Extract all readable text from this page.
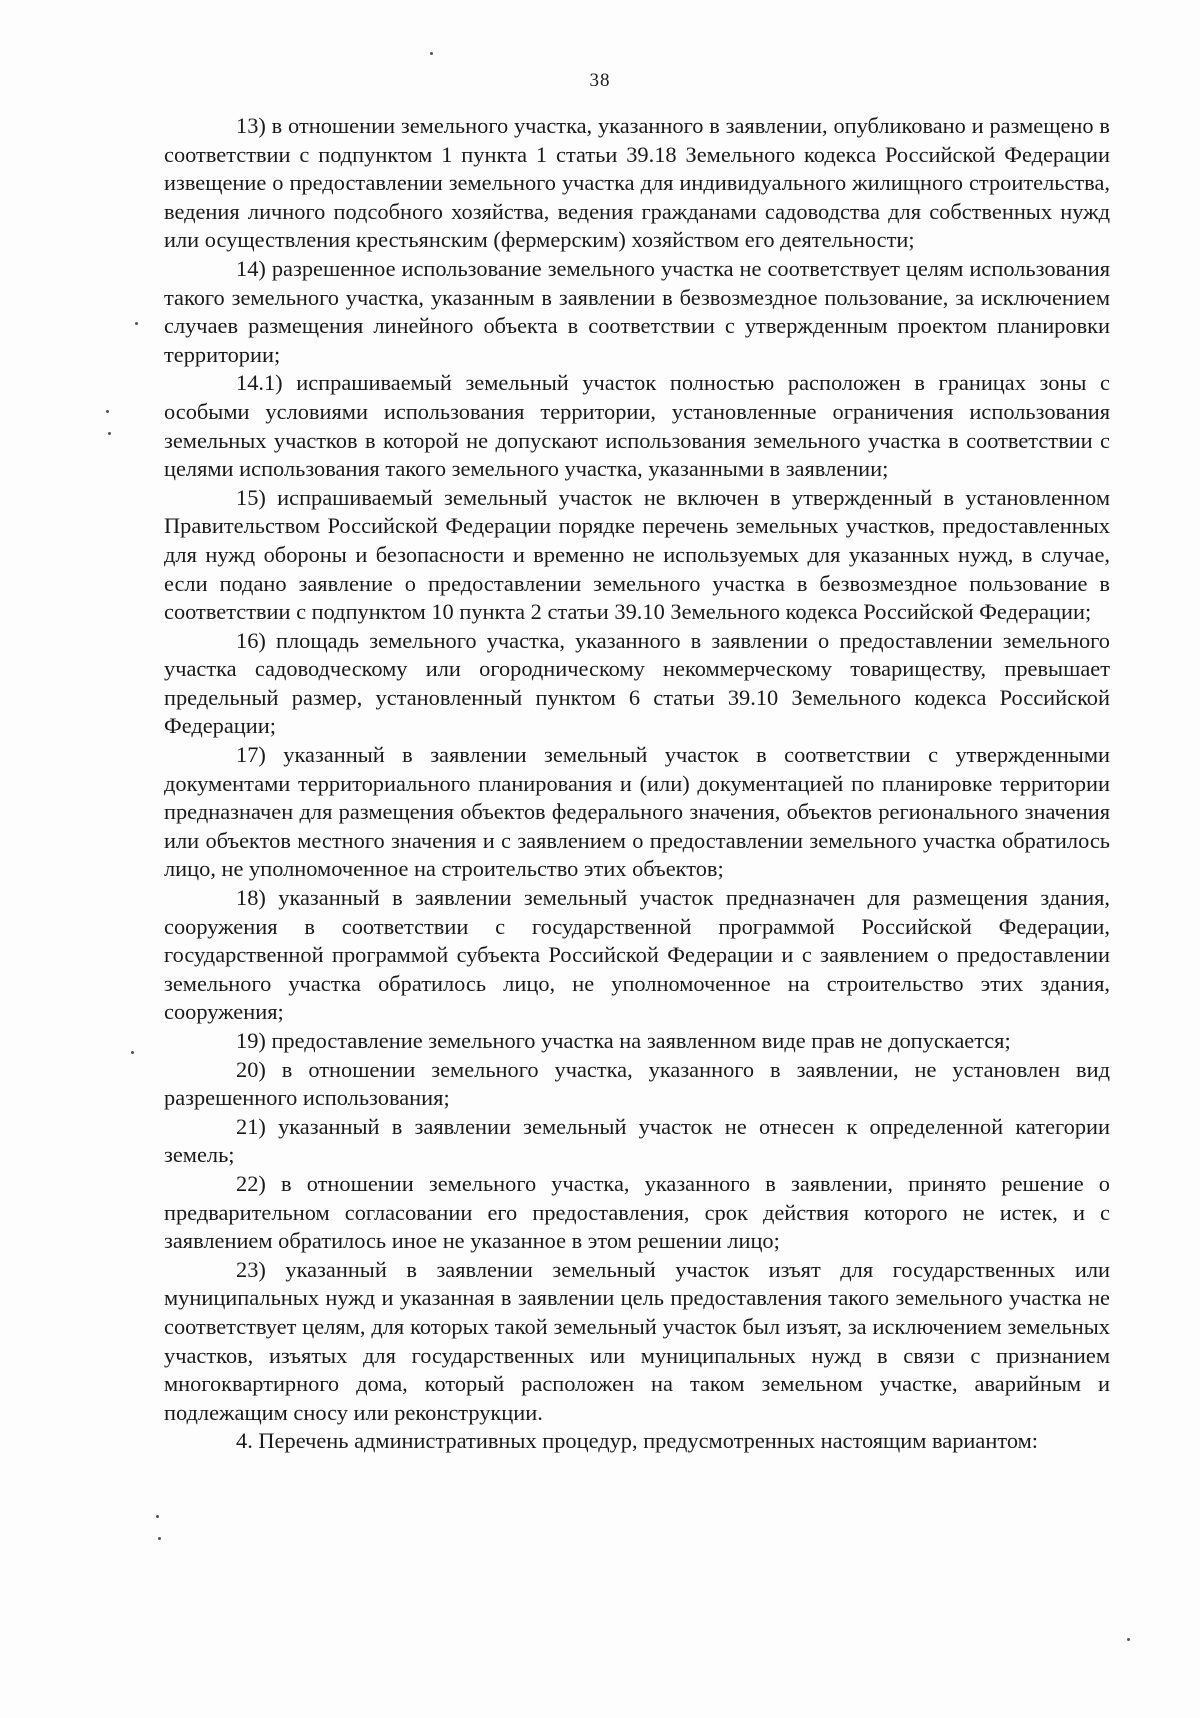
38

13) в отношении земельного участка, указанного в заявлении, опубликовано и размещено в соответствии с подпунктом 1 пункта 1 статьи 39.18 Земельного кодекса Российской Федерации извещение о предоставлении земельного участка для индивидуального жилищного строительства, ведения личного подсобного хозяйства, ведения гражданами садоводства для собственных нужд или осуществления крестьянским (фермерским) хозяйством его деятельности;

14) разрешенное использование земельного участка не соответствует целям использования такого земельного участка, указанным в заявлении в безвозмездное пользование, за исключением случаев размещения линейного объекта в соответствии с утвержденным проектом планировки территории;

14.1) испрашиваемый земельный участок полностью расположен в границах зоны с особыми условиями использования территории, установленные ограничения использования земельных участков в которой не допускают использования земельного участка в соответствии с целями использования такого земельного участка, указанными в заявлении;

15) испрашиваемый земельный участок не включен в утвержденный в установленном Правительством Российской Федерации порядке перечень земельных участков, предоставленных для нужд обороны и безопасности и временно не используемых для указанных нужд, в случае, если подано заявление о предоставлении земельного участка в безвозмездное пользование в соответствии с подпунктом 10 пункта 2 статьи 39.10 Земельного кодекса Российской Федерации;

16) площадь земельного участка, указанного в заявлении о предоставлении земельного участка садоводческому или огородническому некоммерческому товариществу, превышает предельный размер, установленный пунктом 6 статьи 39.10 Земельного кодекса Российской Федерации;

17) указанный в заявлении земельный участок в соответствии с утвержденными документами территориального планирования и (или) документацией по планировке территории предназначен для размещения объектов федерального значения, объектов регионального значения или объектов местного значения и с заявлением о предоставлении земельного участка обратилось лицо, не уполномоченное на строительство этих объектов;

18) указанный в заявлении земельный участок предназначен для размещения здания, сооружения в соответствии с государственной программой Российской Федерации, государственной программой субъекта Российской Федерации и с заявлением о предоставлении земельного участка обратилось лицо, не уполномоченное на строительство этих здания, сооружения;

19) предоставление земельного участка на заявленном виде прав не допускается;

20) в отношении земельного участка, указанного в заявлении, не установлен вид разрешенного использования;

21) указанный в заявлении земельный участок не отнесен к определенной категории земель;

22) в отношении земельного участка, указанного в заявлении, принято решение о предварительном согласовании его предоставления, срок действия которого не истек, и с заявлением обратилось иное не указанное в этом решении лицо;

23) указанный в заявлении земельный участок изъят для государственных или муниципальных нужд и указанная в заявлении цель предоставления такого земельного участка не соответствует целям, для которых такой земельный участок был изъят, за исключением земельных участков, изъятых для государственных или муниципальных нужд в связи с признанием многоквартирного дома, который расположен на таком земельном участке, аварийным и подлежащим сносу или реконструкции.

4. Перечень административных процедур, предусмотренных настоящим вариантом:
